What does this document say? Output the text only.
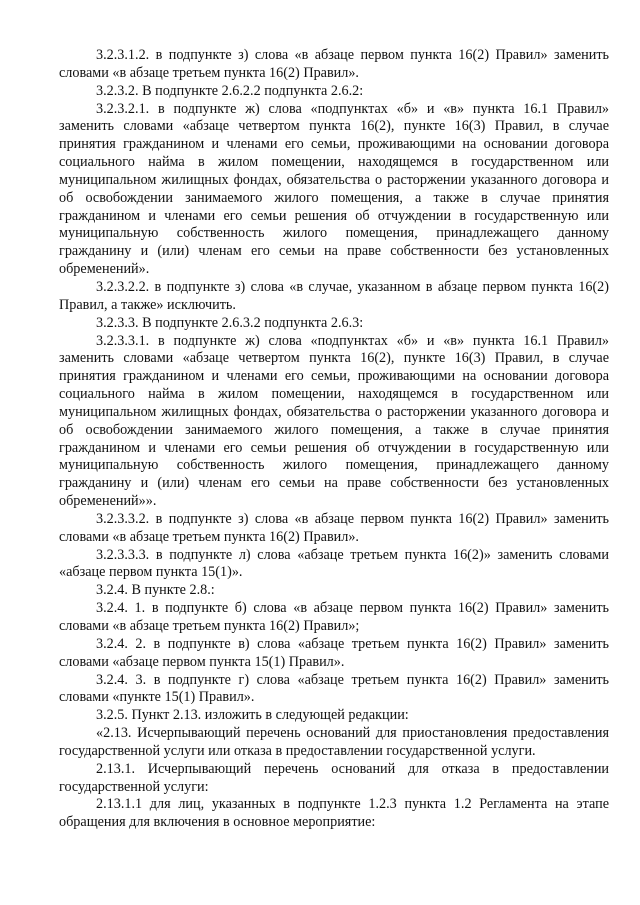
3.2.3.1.2. в подпункте з) слова «в абзаце первом пункта 16(2) Правил» заменить словами «в абзаце третьем пункта 16(2) Правил».

3.2.3.2. В подпункте 2.6.2.2 подпункта 2.6.2:

3.2.3.2.1. в подпункте ж) слова «подпунктах «б» и «в» пункта 16.1 Правил» заменить словами «абзаце четвертом пункта 16(2), пункте 16(3) Правил, в случае принятия гражданином и членами его семьи, проживающими на основании договора социального найма в жилом помещении, находящемся в государственном или муниципальном жилищных фондах, обязательства о расторжении указанного договора и об освобождении занимаемого жилого помещения, а также в случае принятия гражданином и членами его семьи решения об отчуждении в государственную или муниципальную собственность жилого помещения, принадлежащего данному гражданину и (или) членам его семьи на праве собственности без установленных обременений».

3.2.3.2.2. в подпункте з) слова «в случае, указанном в абзаце первом пункта 16(2) Правил, а также» исключить.

3.2.3.3. В подпункте 2.6.3.2 подпункта 2.6.3:

3.2.3.3.1. в подпункте ж) слова «подпунктах «б» и «в» пункта 16.1 Правил» заменить словами «абзаце четвертом пункта 16(2), пункте 16(3) Правил, в случае принятия гражданином и членами его семьи, проживающими на основании договора социального найма в жилом помещении, находящемся в государственном или муниципальном жилищных фондах, обязательства о расторжении указанного договора и об освобождении занимаемого жилого помещения, а также в случае принятия гражданином и членами его семьи решения об отчуждении в государственную или муниципальную собственность жилого помещения, принадлежащего данному гражданину и (или) членам его семьи на праве собственности без установленных обременений»».

3.2.3.3.2. в подпункте з) слова «в абзаце первом пункта 16(2) Правил» заменить словами «в абзаце третьем пункта 16(2) Правил».

3.2.3.3.3. в подпункте л) слова «абзаце третьем пункта 16(2)» заменить словами «абзаце первом пункта 15(1)».

3.2.4. В пункте 2.8.:

3.2.4. 1. в подпункте б) слова «в абзаце первом пункта 16(2) Правил» заменить словами «в абзаце третьем пункта 16(2) Правил»;

3.2.4. 2. в подпункте в) слова «абзаце третьем пункта 16(2) Правил» заменить словами «абзаце первом пункта 15(1) Правил».

3.2.4. 3. в подпункте г) слова «абзаце третьем пункта 16(2) Правил» заменить словами «пункте 15(1) Правил».

3.2.5. Пункт 2.13. изложить в следующей редакции:

«2.13. Исчерпывающий перечень оснований для приостановления предоставления государственной услуги или отказа в предоставлении государственной услуги.

2.13.1. Исчерпывающий перечень оснований для отказа в предоставлении государственной услуги:

2.13.1.1 для лиц, указанных в подпункте 1.2.3 пункта 1.2 Регламента на этапе обращения для включения в основное мероприятие:
